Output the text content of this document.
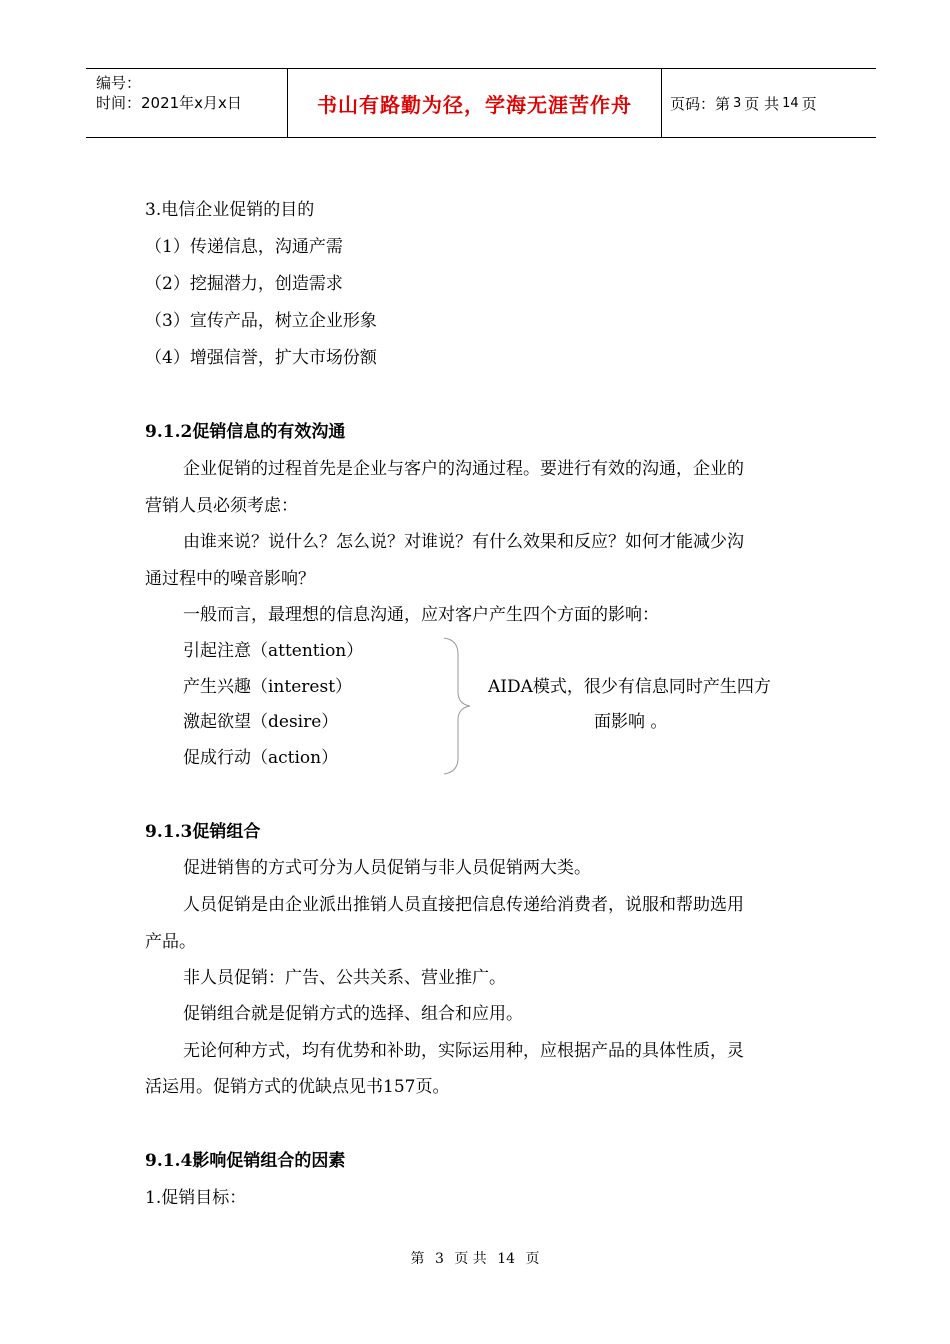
编号：
时间：2021年x月x日	书山有路勤为径，学海无涯苦作舟	页码：第 3 页 共 14 页
3.电信企业促销的目的
（1）传递信息，沟通产需
（2）挖掘潜力，创造需求
（3）宣传产品，树立企业形象
（4）增强信誉，扩大市场份额
9.1.2促销信息的有效沟通
企业促销的过程首先是企业与客户的沟通过程。要进行有效的沟通，企业的
营销人员必须考虑：
由谁来说？说什么？怎么说？对谁说？有什么效果和反应？如何才能减少沟
通过程中的噪音影响？
一般而言，最理想的信息沟通，应对客户产生四个方面的影响：
引起注意（attention）
产生兴趣（interest）
激起欲望（desire）
促成行动（action）
AIDA模式，很少有信息同时产生四方
面影响 。
9.1.3促销组合
促进销售的方式可分为人员促销与非人员促销两大类。
人员促销是由企业派出推销人员直接把信息传递给消费者，说服和帮助选用
产品。
非人员促销：广告、公共关系、营业推广。
促销组合就是促销方式的选择、组合和应用。
无论何种方式，均有优势和补助，实际运用种，应根据产品的具体性质，灵
活运用。促销方式的优缺点见书157页。
9.1.4影响促销组合的因素
1.促销目标：
第 3 页 共 14 页
